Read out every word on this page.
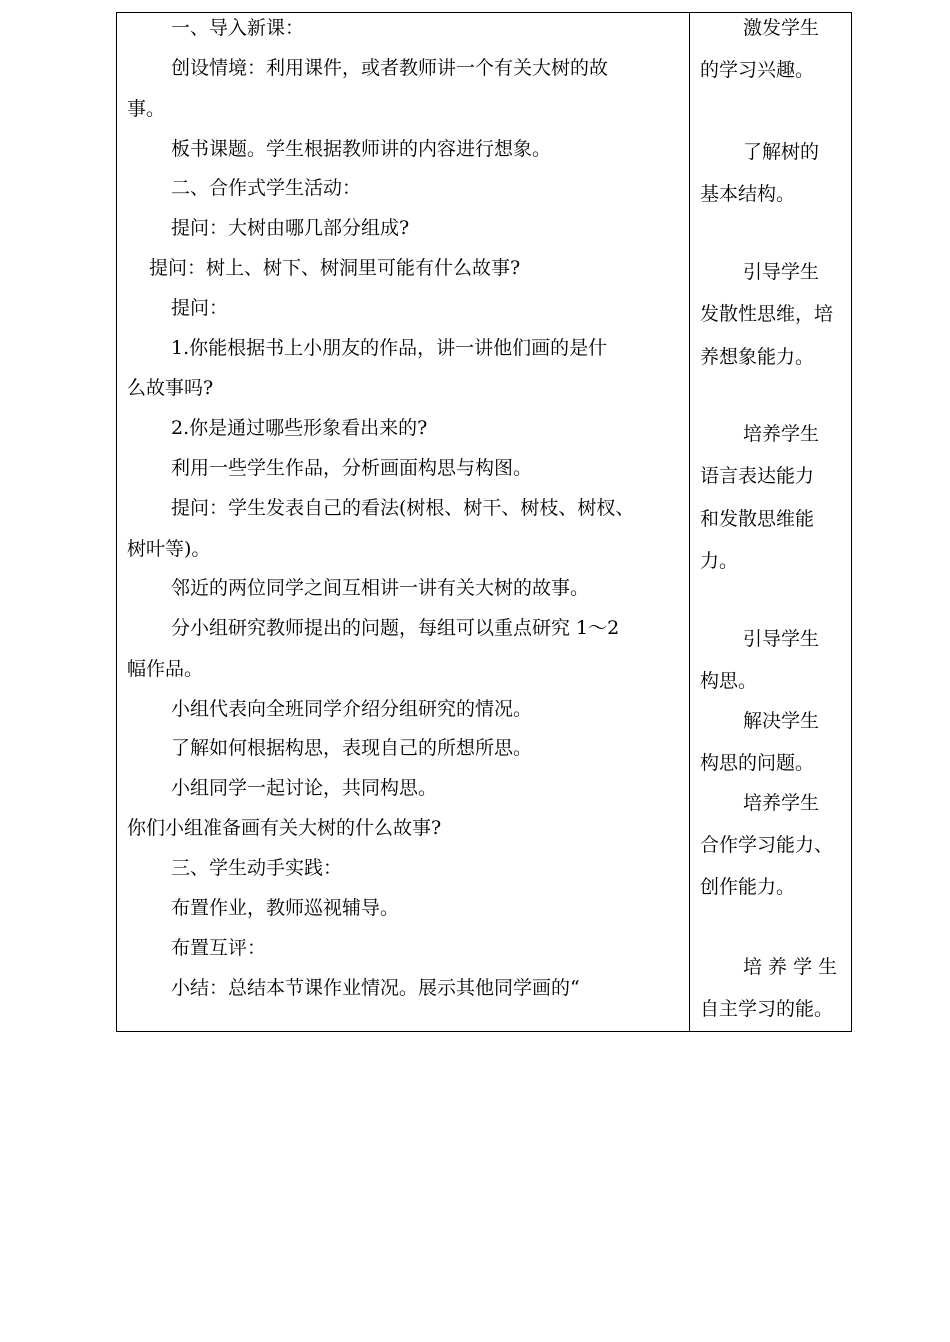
一、导入新课：
创设情境：利用课件，或者教师讲一个有关大树的故
事。
板书课题。学生根据教师讲的内容进行想象。
二、合作式学生活动：
提问：大树由哪几部分组成?
提问：树上、树下、树洞里可能有什么故事?
提问：
1.你能根据书上小朋友的作品，讲一讲他们画的是什
么故事吗?
2.你是通过哪些形象看出来的?
利用一些学生作品，分析画面构思与构图。
提问：学生发表自己的看法(树根、树干、树枝、树杈、
树叶等)。
邻近的两位同学之间互相讲一讲有关大树的故事。
分小组研究教师提出的问题，每组可以重点研究 1～2
幅作品。
小组代表向全班同学介绍分组研究的情况。
了解如何根据构思，表现自己的所想所思。
小组同学一起讨论，共同构思。
你们小组准备画有关大树的什么故事?
三、学生动手实践：
布置作业，教师巡视辅导。
布置互评：
小结：总结本节课作业情况。展示其他同学画的“
激发学生
的学习兴趣。
了解树的
基本结构。
引导学生
发散性思维，培
养想象能力。
培养学生
语言表达能力
和发散思维能
力。
引导学生
构思。
解决学生
构思的问题。
培养学生
合作学习能力、
创作能力。
培 养 学 生
自主学习的能。
